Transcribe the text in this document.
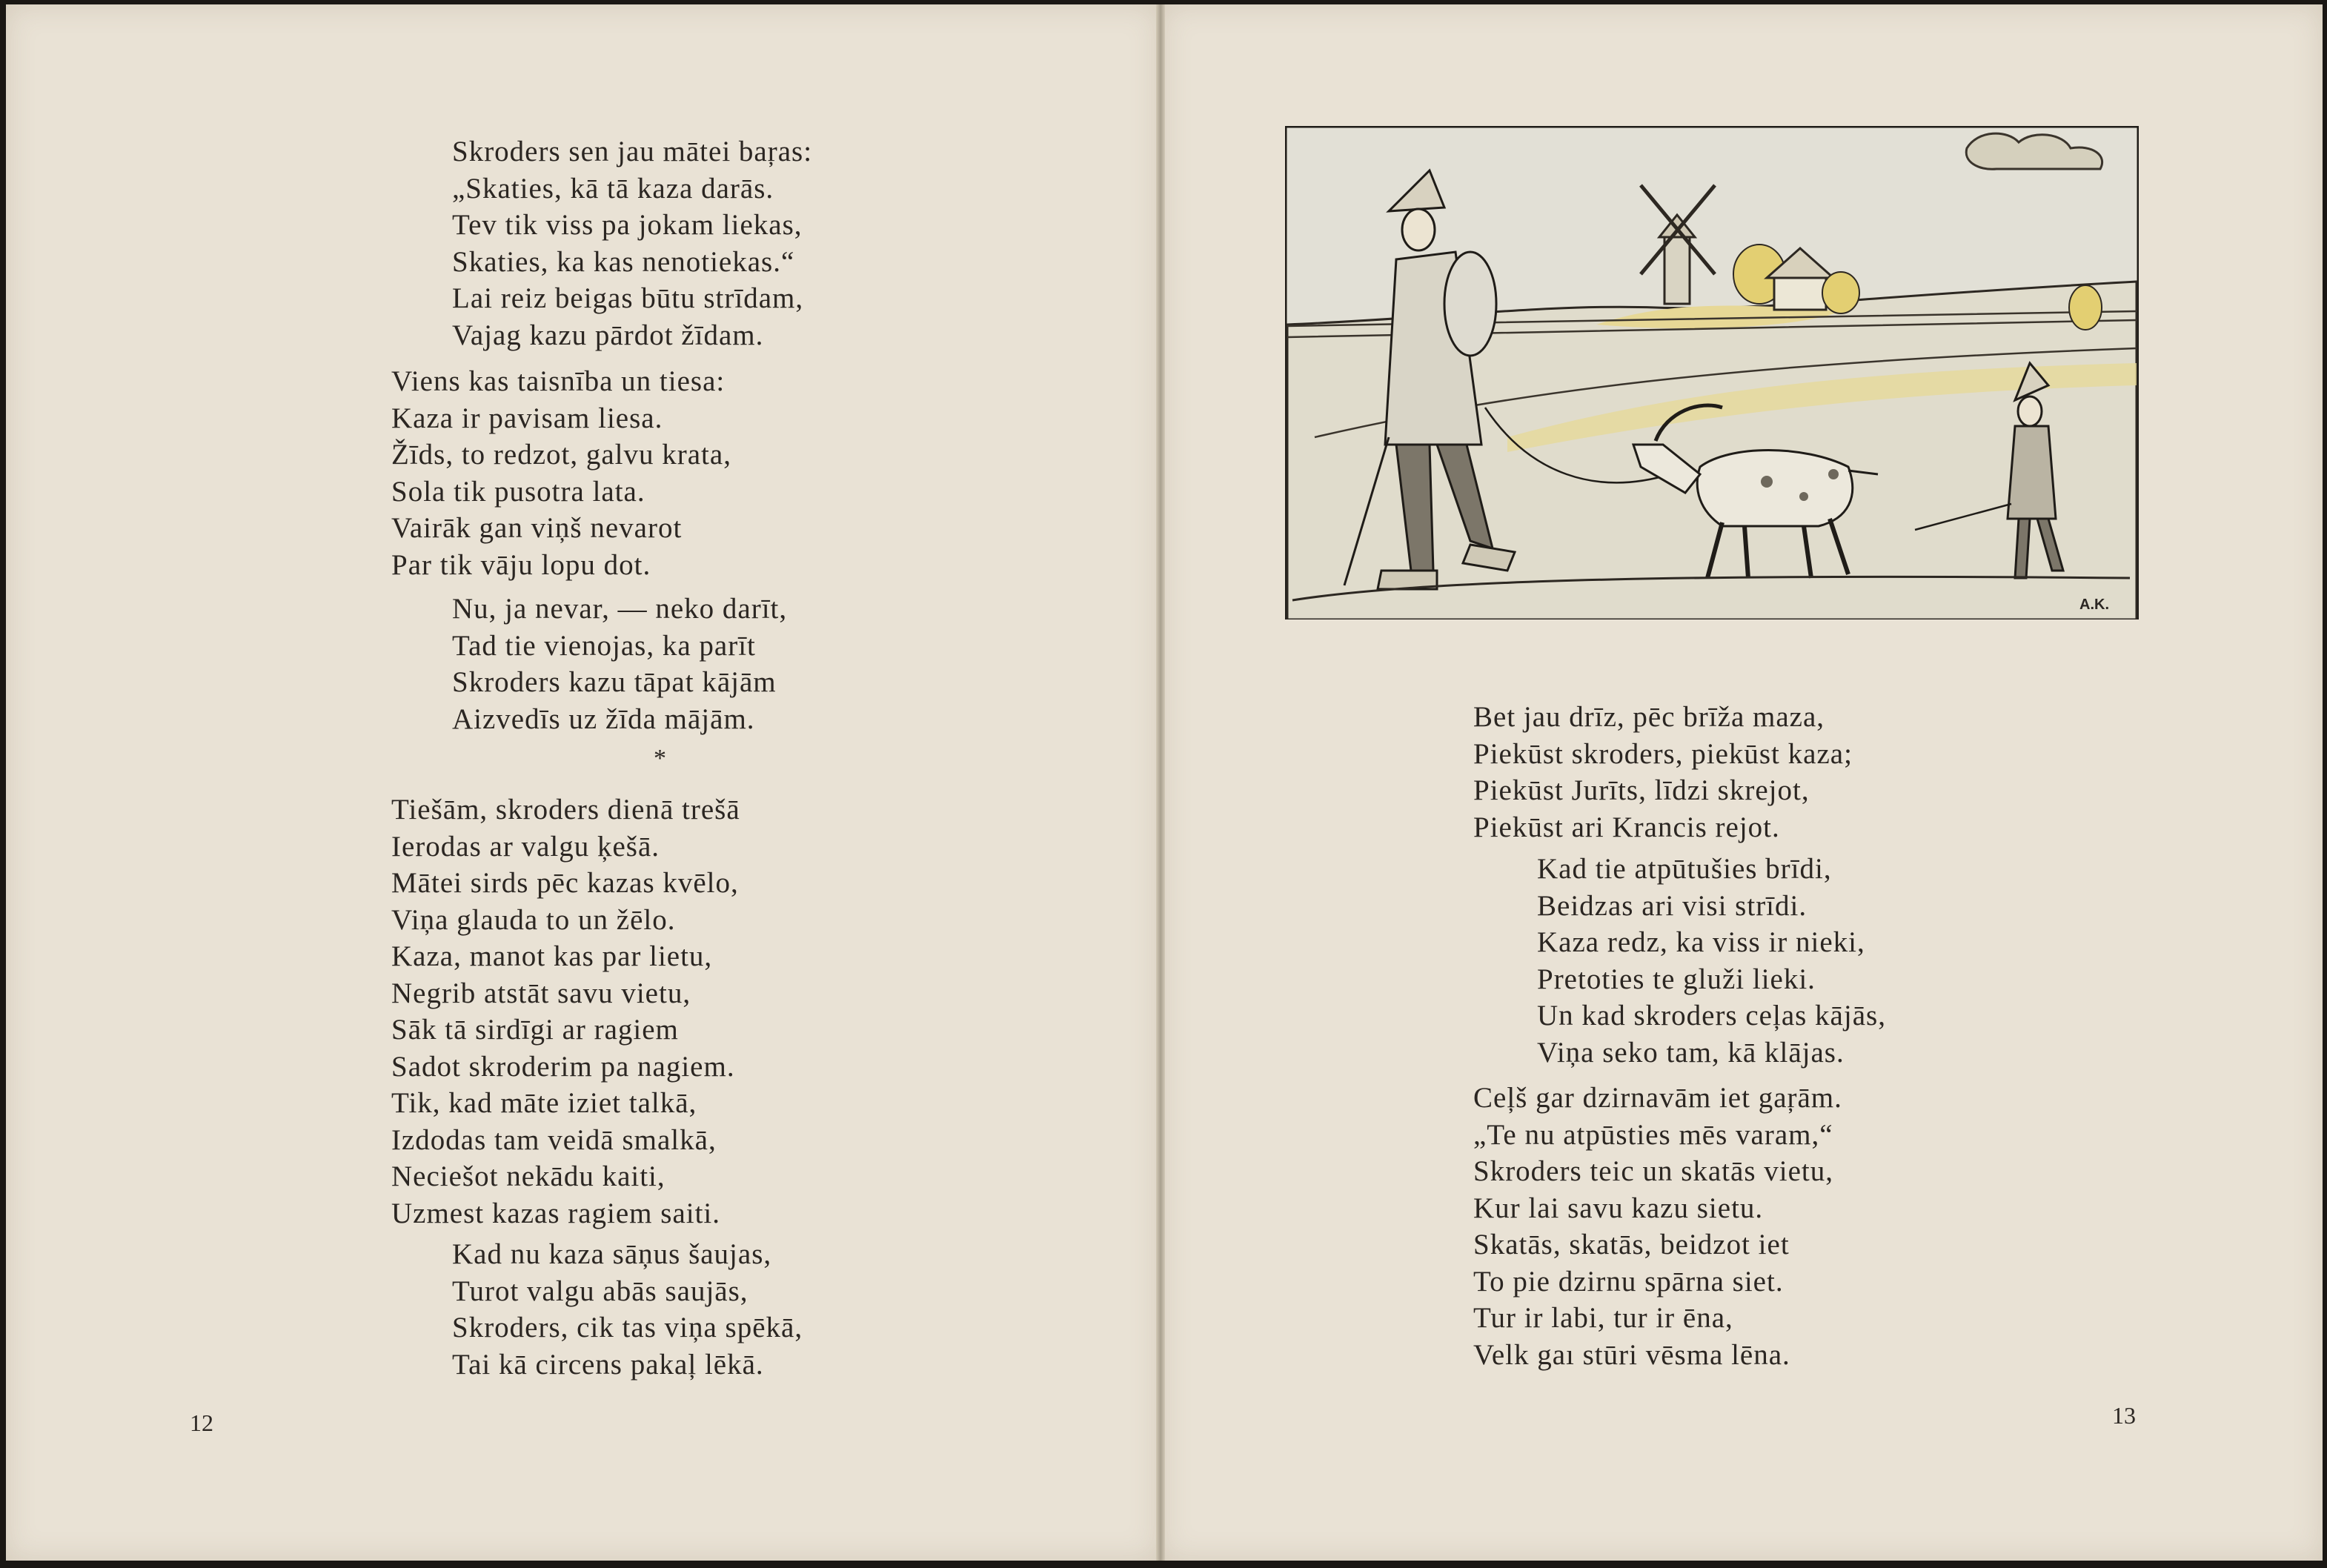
Skroders sen jau mātei baŗas:
„Skaties, kā tā kaza darās.
Tev tik viss pa jokam liekas,
Skaties, ka kas nenotiekas.“
Lai reiz beigas būtu strīdam,
Vajag kazu pārdot žīdam.
Viens kas taisnība un tiesa:
Kaza ir pavisam liesa.
Žīds, to redzot, galvu krata,
Sola tik pusotra lata.
Vairāk gan viņš nevarot
Par tik vāju lopu dot.
Nu, ja nevar, — neko darīt,
Tad tie vienojas, ka parīt
Skroders kazu tāpat kājām
Aizvedīs uz žīda mājām.
*
Tiešām, skroders dienā trešā
Ierodas ar valgu ķešā.
Mātei sirds pēc kazas kvēlo,
Viņa glauda to un žēlo.
Kaza, manot kas par lietu,
Negrib atstāt savu vietu,
Sāk tā sirdīgi ar ragiem
Sadot skroderim pa nagiem.
Tik, kad māte iziet talkā,
Izdodas tam veidā smalkā,
Neciešot nekādu kaiti,
Uzmest kazas ragiem saiti.
Kad nu kaza sāņus šaujas,
Turot valgu abās saujās,
Skroders, cik tas viņa spēkā,
Tai kā circens pakaļ lēkā.
12
A.K.
Bet jau drīz, pēc brīža maza,
Piekūst skroders, piekūst kaza;
Piekūst Jurīts, līdzi skrejot,
Piekūst ari Krancis rejot.
Kad tie atpūtušies brīdi,
Beidzas ari visi strīdi.
Kaza redz, ka viss ir nieki,
Pretoties te gluži lieki.
Un kad skroders ceļas kājās,
Viņa seko tam, kā klājas.
Ceļš gar dzirnavām iet gaŗām.
„Te nu atpūsties mēs varam,“
Skroders teic un skatās vietu,
Kur lai savu kazu sietu.
Skatās, skatās, beidzot iet
To pie dzirnu spārna siet.
Tur ir labi, tur ir ēna,
Velk gaı stūri vēsma lēna.
13
